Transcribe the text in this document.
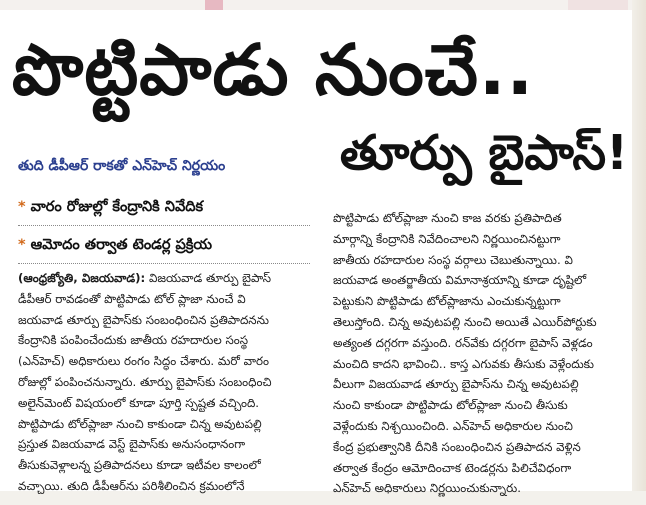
పొట్టిపాడు నుంచే..
తూర్పు బైపాస్!
తుది డీపీఆర్ రాకతో ఎన్‌హెచ్ నిర్ణయం
* వారం రోజుల్లో కేంద్రానికి నివేదిక
* ఆమోదం తర్వాత టెండర్ల ప్రక్రియ

(ఆంధ్రజ్యోతి, విజయవాడ): విజయవాడ తూర్పు బైపాస్

డీపీఆర్ రావడంతో పొట్టిపాడు టోల్ ప్లాజా నుంచే వి

జయవాడ తూర్పు బైపాస్‌కు సంబంధించిన ప్రతిపాదనను

కేంద్రానికి పంపించేందుకు జాతీయ రహదారుల సంస్థ

(ఎన్‌హెచ్) అధికారులు రంగం సిద్ధం చేశారు. మరో వారం

రోజుల్లో పంపించనున్నారు. తూర్పు బైపాస్‌కు సంబంధించి

అలైన్‌మెంట్ విషయంలో కూడా పూర్తి స్పష్టత వచ్చింది.

పొట్టిపాడు టోల్‌ప్లాజా నుంచి కాకుండా చిన్న అవుటపల్లి

ప్రస్తుత విజయవాడ వెస్ట్ బైపాస్‌కు అనుసంధానంగా

తీసుకువెళ్లాలన్న ప్రతిపాదనలు కూడా ఇటీవల కాలంలో

వచ్చాయి. తుది డీపీఆర్‌ను పరిశీలించిన క్రమంలోనే

పొట్టిపాడు టోల్‌ప్లాజా నుంచి కాజ వరకు ప్రతిపాదిత

మార్గాన్ని కేంద్రానికి నివేదించాలని నిర్ణయించినట్టుగా

జాతీయ రహదారుల సంస్థ వర్గాలు చెబుతున్నాయి. వి

జయవాడ అంతర్జాతీయ విమానాశ్రయాన్ని కూడా దృష్టిలో

పెట్టుకుని పొట్టిపాడు టోల్‌ప్లాజాను ఎంచుకున్నట్టుగా

తెలుస్తోంది. చిన్న అవుటపల్లి నుంచి అయితే ఎయిర్‌పోర్టుకు

అత్యంత దగ్గరగా వస్తుంది. రన్‌వేకు దగ్గరగా బైపాస్ వెళ్లడం

మంచిది కాదని భావించి.. కాస్త ఎగువకు తీసుకు వెళ్లేందుకు

వీలుగా విజయవాడ తూర్పు బైపాస్‌ను చిన్న అవుటపల్లి

నుంచి కాకుండా పొట్టిపాడు టోల్‌ప్లాజా నుంచి తీసుకు

వెళ్లేందుకు నిశ్చయించింది. ఎన్‌హెచ్ అధికారుల నుంచి

కేంద్ర ప్రభుత్వానికి దీనికి సంబంధించిన ప్రతిపాదన వెళ్లిన

తర్వాత కేంద్రం ఆమోదించాక టెండర్లను పిలిచేవిధంగా

ఎన్‌హెచ్ అధికారులు నిర్ణయించుకున్నారు.
